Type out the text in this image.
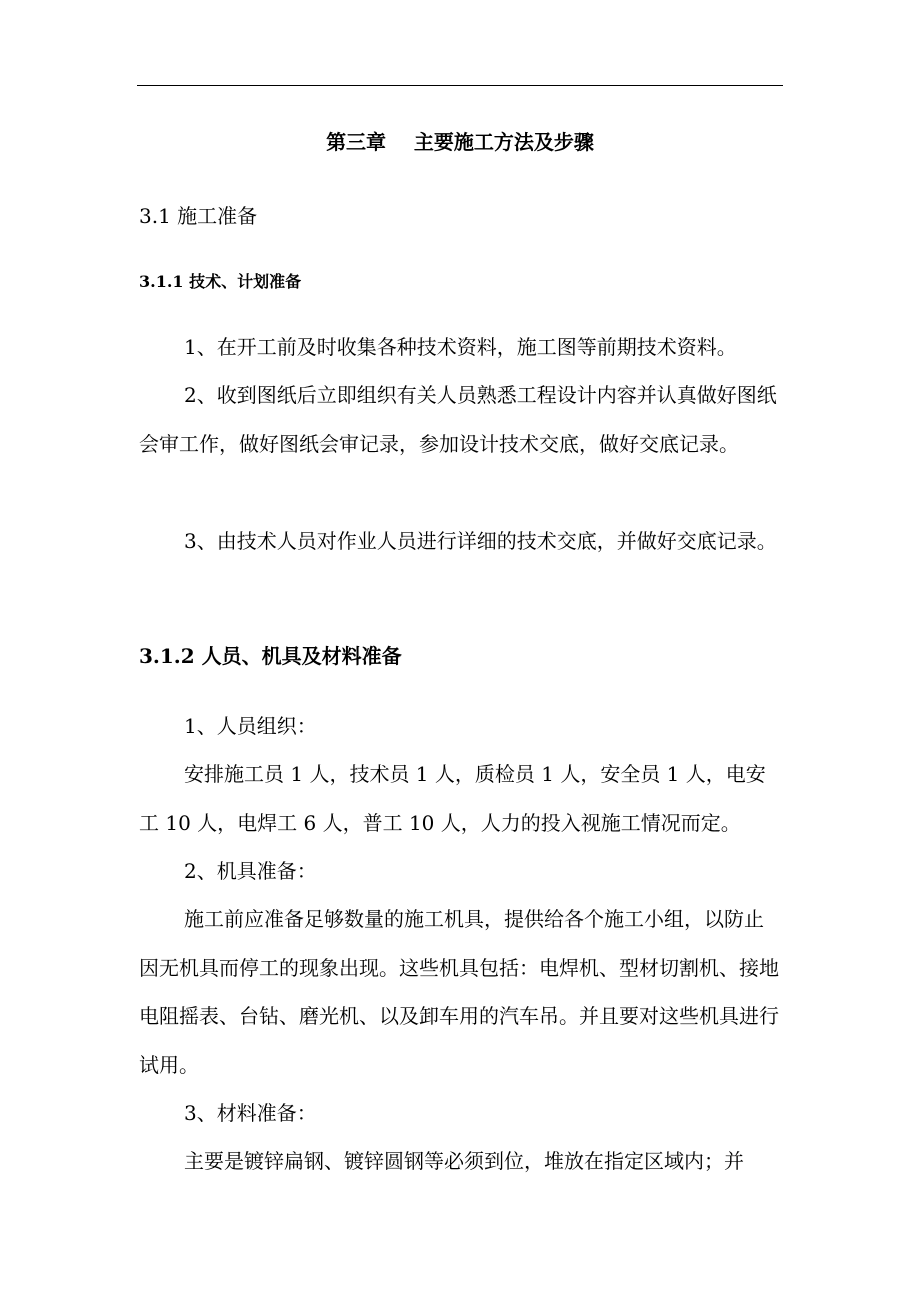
第三章    主要施工方法及步骤
3.1 施工准备
3.1.1 技术、计划准备

1、在开工前及时收集各种技术资料，施工图等前期技术资料。

2、收到图纸后立即组织有关人员熟悉工程设计内容并认真做好图纸会审工作，做好图纸会审记录，参加设计技术交底，做好交底记录。

3、由技术人员对作业人员进行详细的技术交底，并做好交底记录。

3.1.2 人员、机具及材料准备

1、人员组织：

安排施工员 1 人，技术员 1 人，质检员 1 人，安全员 1 人，电安工 10 人，电焊工 6 人，普工 10 人，人力的投入视施工情况而定。

2、机具准备：

施工前应准备足够数量的施工机具，提供给各个施工小组，以防止因无机具而停工的现象出现。这些机具包括：电焊机、型材切割机、接地电阻摇表、台钻、磨光机、以及卸车用的汽车吊。并且要对这些机具进行试用。

3、材料准备：

主要是镀锌扁钢、镀锌圆钢等必须到位，堆放在指定区域内；并
